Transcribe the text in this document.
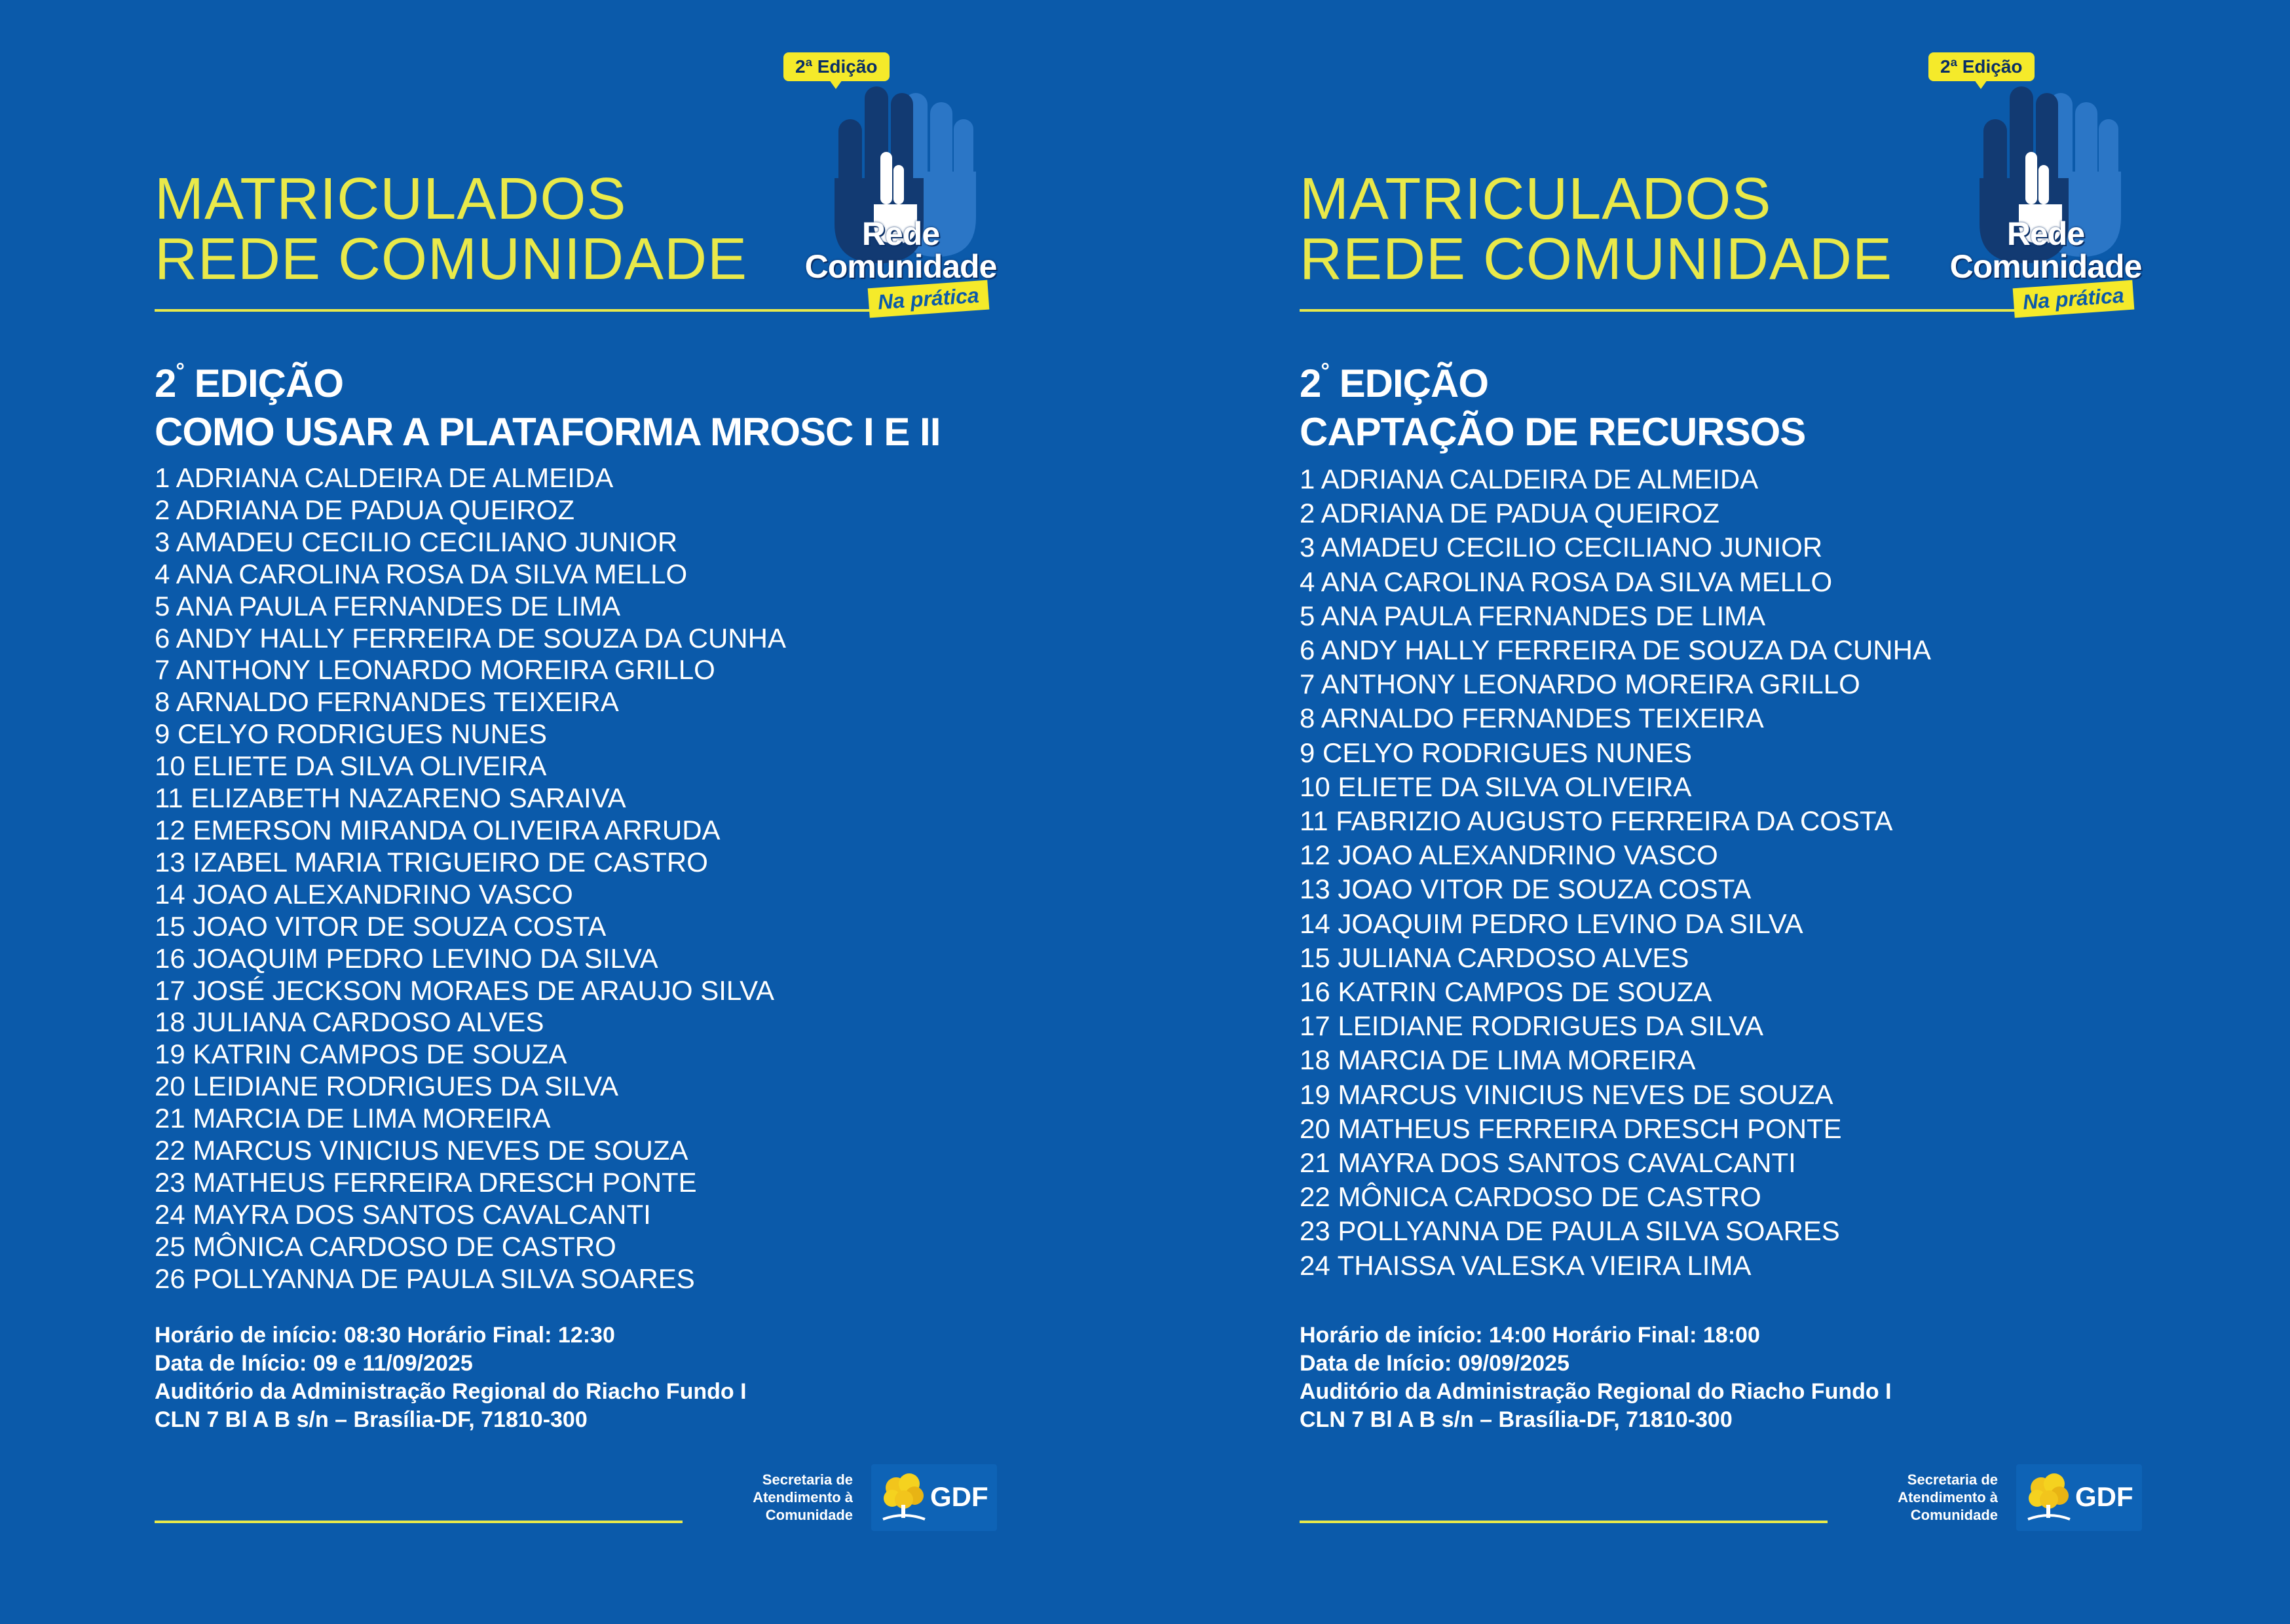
MATRICULADOS
REDE COMUNIDADE
2ª Edição
Rede
Comunidade
Na prática
2° EDIÇÃO
COMO USAR A PLATAFORMA MROSC I E II
1 ADRIANA CALDEIRA DE ALMEIDA
2 ADRIANA DE PADUA QUEIROZ
3 AMADEU CECILIO CECILIANO JUNIOR
4 ANA CAROLINA ROSA DA SILVA MELLO
5 ANA PAULA FERNANDES DE LIMA
6 ANDY HALLY FERREIRA DE SOUZA DA CUNHA
7 ANTHONY LEONARDO MOREIRA GRILLO
8 ARNALDO FERNANDES TEIXEIRA
9 CELYO RODRIGUES NUNES
10 ELIETE DA SILVA OLIVEIRA
11 ELIZABETH NAZARENO SARAIVA
12 EMERSON MIRANDA OLIVEIRA ARRUDA
13 IZABEL MARIA TRIGUEIRO DE CASTRO
14 JOAO ALEXANDRINO VASCO
15 JOAO VITOR DE SOUZA COSTA
16 JOAQUIM PEDRO LEVINO DA SILVA
17 JOSÉ JECKSON MORAES DE ARAUJO SILVA
18 JULIANA CARDOSO ALVES
19 KATRIN CAMPOS DE SOUZA
20 LEIDIANE RODRIGUES DA SILVA
21 MARCIA DE LIMA MOREIRA
22 MARCUS VINICIUS NEVES DE SOUZA
23 MATHEUS FERREIRA DRESCH PONTE
24 MAYRA DOS SANTOS CAVALCANTI
25 MÔNICA CARDOSO DE CASTRO
26 POLLYANNA DE PAULA SILVA SOARES
Horário de início: 08:30 Horário Final: 12:30
Data de Início: 09 e 11/09/2025
Auditório da Administração Regional do Riacho Fundo I
CLN 7 Bl A B s/n – Brasília-DF, 71810-300
Secretaria de
Atendimento à
Comunidade
GDF
MATRICULADOS
REDE COMUNIDADE
2ª Edição
Rede
Comunidade
Na prática
2° EDIÇÃO
CAPTAÇÃO DE RECURSOS
1 ADRIANA CALDEIRA DE ALMEIDA
2 ADRIANA DE PADUA QUEIROZ
3 AMADEU CECILIO CECILIANO JUNIOR
4 ANA CAROLINA ROSA DA SILVA MELLO
5 ANA PAULA FERNANDES DE LIMA
6 ANDY HALLY FERREIRA DE SOUZA DA CUNHA
7 ANTHONY LEONARDO MOREIRA GRILLO
8 ARNALDO FERNANDES TEIXEIRA
9 CELYO RODRIGUES NUNES
10 ELIETE DA SILVA OLIVEIRA
11 FABRIZIO AUGUSTO FERREIRA DA COSTA
12 JOAO ALEXANDRINO VASCO
13 JOAO VITOR DE SOUZA COSTA
14 JOAQUIM PEDRO LEVINO DA SILVA
15 JULIANA CARDOSO ALVES
16 KATRIN CAMPOS DE SOUZA
17 LEIDIANE RODRIGUES DA SILVA
18 MARCIA DE LIMA MOREIRA
19 MARCUS VINICIUS NEVES DE SOUZA
20 MATHEUS FERREIRA DRESCH PONTE
21 MAYRA DOS SANTOS CAVALCANTI
22 MÔNICA CARDOSO DE CASTRO
23 POLLYANNA DE PAULA SILVA SOARES
24 THAISSA VALESKA VIEIRA LIMA
Horário de início: 14:00 Horário Final: 18:00
Data de Início: 09/09/2025
Auditório da Administração Regional do Riacho Fundo I
CLN 7 Bl A B s/n – Brasília-DF, 71810-300
Secretaria de
Atendimento à
Comunidade
GDF
